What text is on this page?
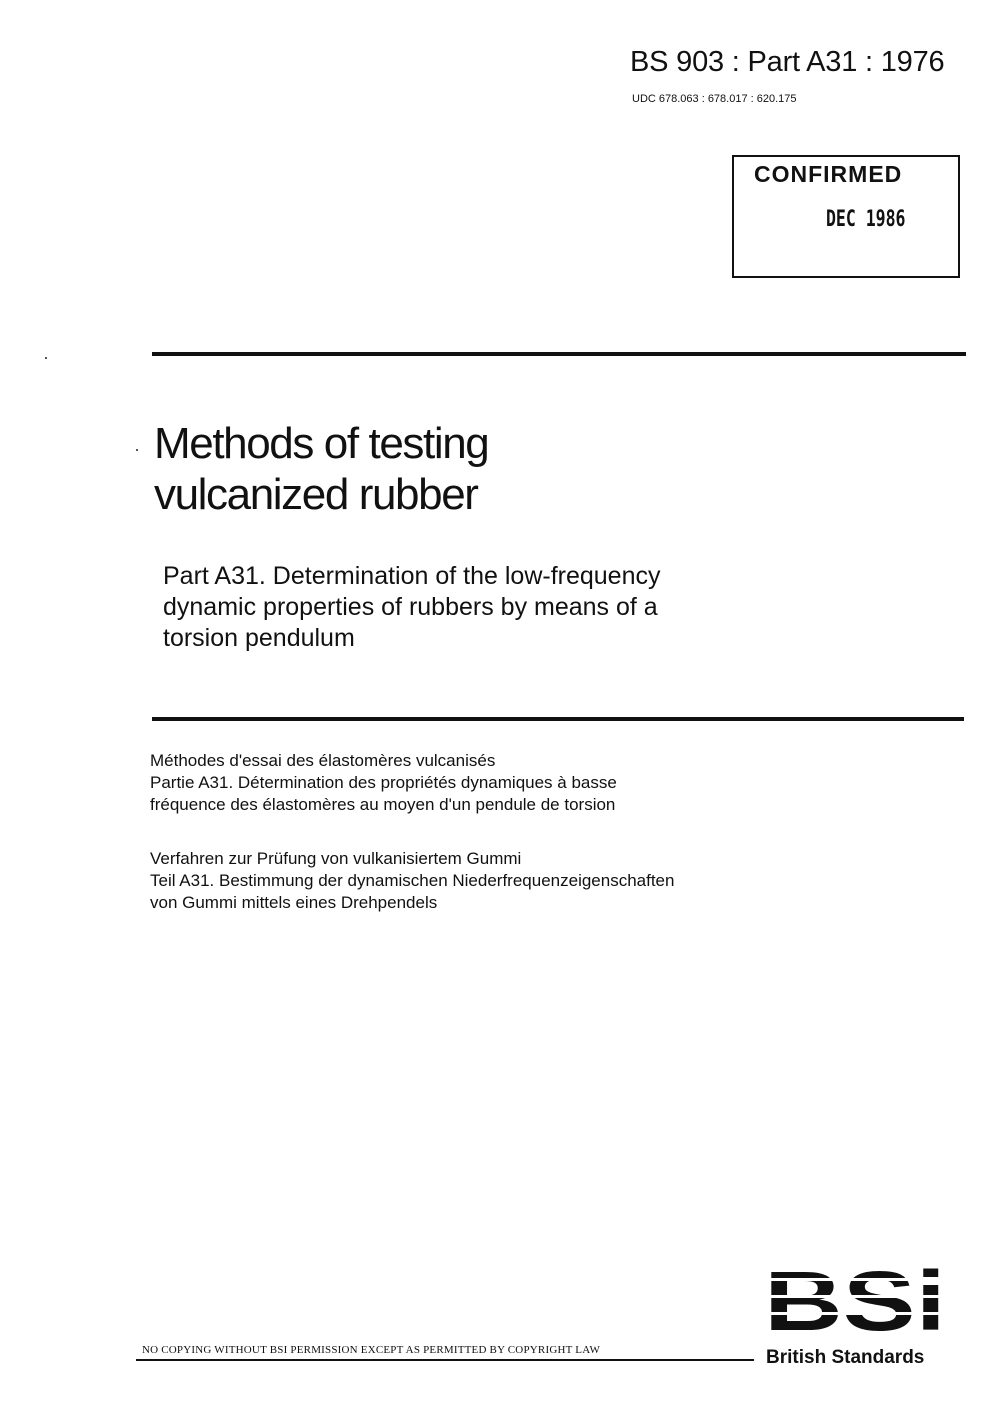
BS 903 : Part A31 : 1976
UDC 678.063 : 678.017 : 620.175
CONFIRMED
DEC 1986
Methods of testing
vulcanized rubber
Part A31. Determination of the low-frequency
dynamic properties of rubbers by means of a
torsion pendulum
Méthodes d'essai des élastomères vulcanisés
Partie A31. Détermination des propriétés dynamiques à basse
fréquence des élastomères au moyen d'un pendule de torsion
Verfahren zur Prüfung von vulkanisiertem Gummi
Teil A31. Bestimmung der dynamischen Niederfrequenzeigenschaften
von Gummi mittels eines Drehpendels
NO COPYING WITHOUT BSI PERMISSION EXCEPT AS PERMITTED BY COPYRIGHT LAW	British Standards
